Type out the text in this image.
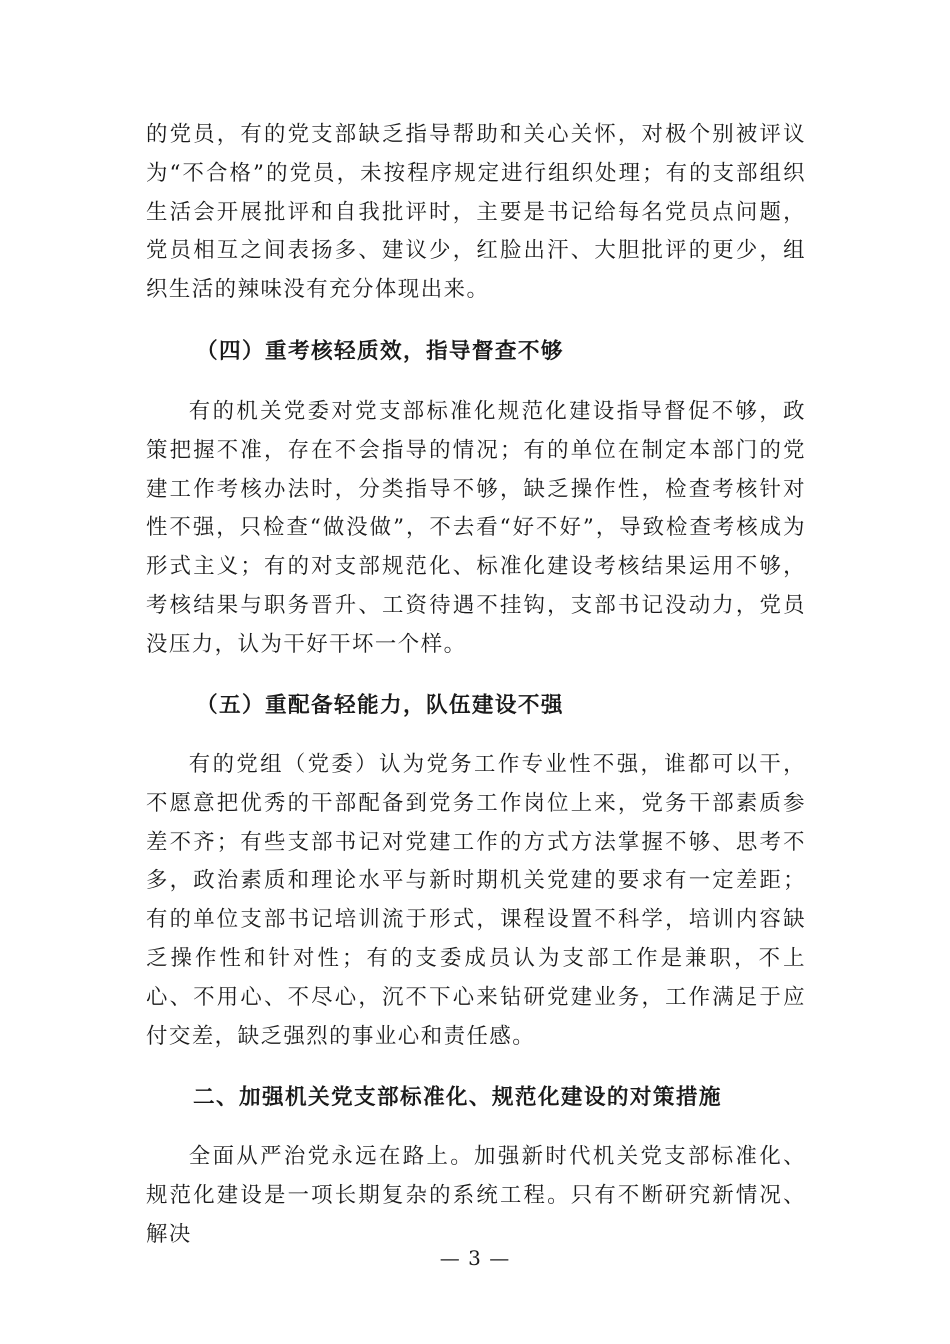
的党员，有的党支部缺乏指导帮助和关心关怀，对极个别被评议为“不合格”的党员，未按程序规定进行组织处理；有的支部组织生活会开展批评和自我批评时，主要是书记给每名党员点问题，党员相互之间表扬多、建议少，红脸出汗、大胆批评的更少，组织生活的辣味没有充分体现出来。

（四）重考核轻质效，指导督查不够

有的机关党委对党支部标准化规范化建设指导督促不够，政策把握不准，存在不会指导的情况；有的单位在制定本部门的党建工作考核办法时，分类指导不够，缺乏操作性，检查考核针对性不强，只检查“做没做”，不去看“好不好”，导致检查考核成为形式主义；有的对支部规范化、标准化建设考核结果运用不够，考核结果与职务晋升、工资待遇不挂钩，支部书记没动力，党员没压力，认为干好干坏一个样。

（五）重配备轻能力，队伍建设不强

有的党组（党委）认为党务工作专业性不强，谁都可以干，不愿意把优秀的干部配备到党务工作岗位上来，党务干部素质参差不齐；有些支部书记对党建工作的方式方法掌握不够、思考不多，政治素质和理论水平与新时期机关党建的要求有一定差距；有的单位支部书记培训流于形式，课程设置不科学，培训内容缺乏操作性和针对性；有的支委成员认为支部工作是兼职，不上心、不用心、不尽心，沉不下心来钻研党建业务，工作满足于应付交差，缺乏强烈的事业心和责任感。

二、加强机关党支部标准化、规范化建设的对策措施

全面从严治党永远在路上。加强新时代机关党支部标准化、规范化建设是一项长期复杂的系统工程。只有不断研究新情况、解决

— 3 —
